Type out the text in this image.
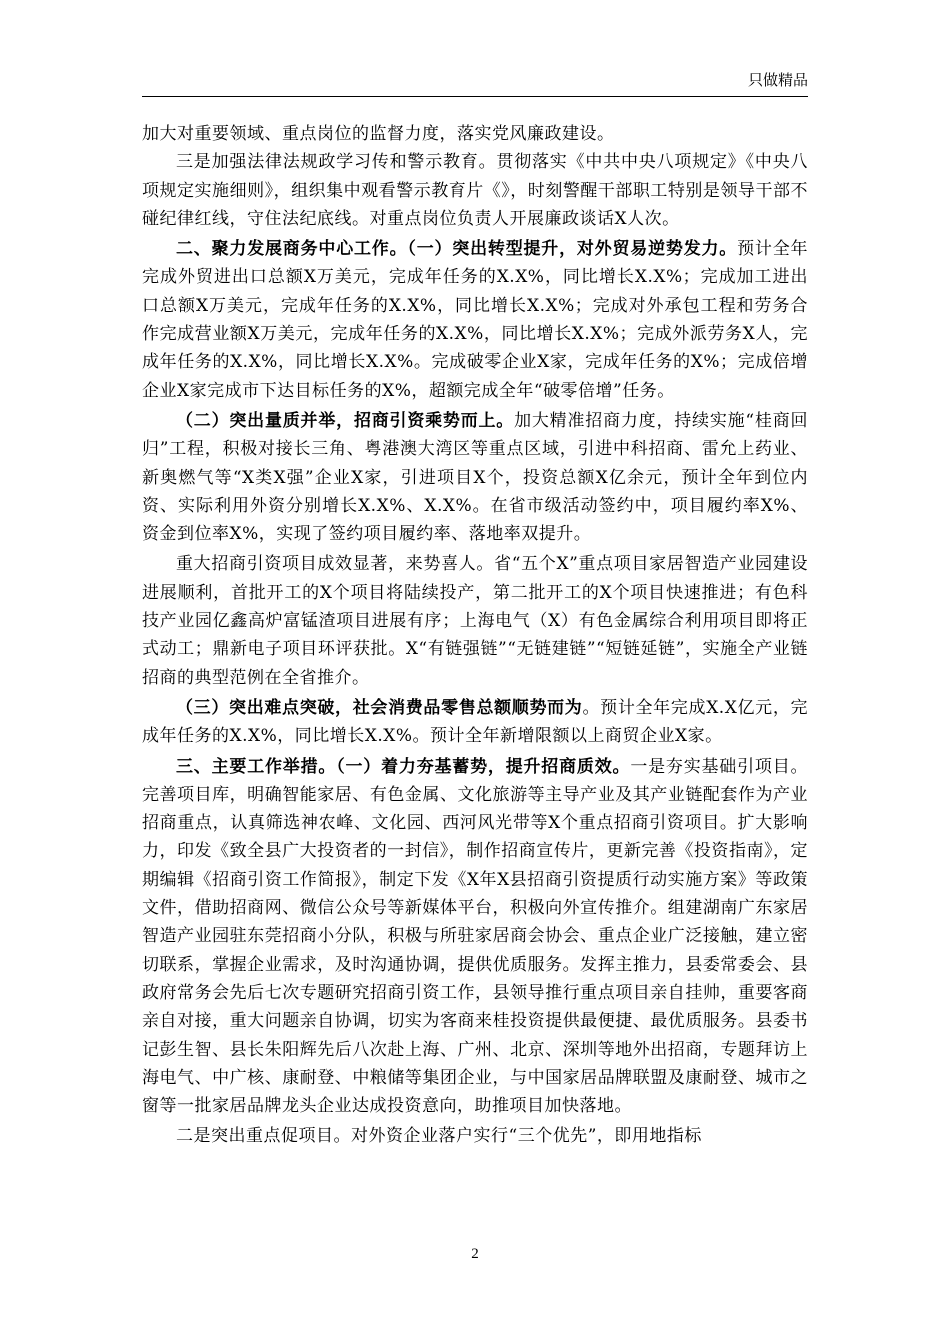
只做精品

加大对重要领域、重点岗位的监督力度，落实党风廉政建设。

三是加强法律法规政学习传和警示教育。贯彻落实《中共中央八项规定》《中央八项规定实施细则》，组织集中观看警示教育片《》，时刻警醒干部职工特别是领导干部不碰纪律红线，守住法纪底线。对重点岗位负责人开展廉政谈话X人次。

二、聚力发展商务中心工作。（一）突出转型提升，对外贸易逆势发力。预计全年完成外贸进出口总额X万美元，完成年任务的X.X%，同比增长X.X%；完成加工进出口总额X万美元，完成年任务的X.X%，同比增长X.X%；完成对外承包工程和劳务合作完成营业额X万美元，完成年任务的X.X%，同比增长X.X%；完成外派劳务X人，完成年任务的X.X%，同比增长X.X%。完成破零企业X家，完成年任务的X%；完成倍增企业X家完成市下达目标任务的X%，超额完成全年“破零倍增”任务。

（二）突出量质并举，招商引资乘势而上。加大精准招商力度，持续实施“桂商回归”工程，积极对接长三角、粤港澳大湾区等重点区域，引进中科招商、雷允上药业、新奥燃气等“X类X强”企业X家，引进项目X个，投资总额X亿余元，预计全年到位内资、实际利用外资分别增长X.X%、X.X%。在省市级活动签约中，项目履约率X%、资金到位率X%，实现了签约项目履约率、落地率双提升。

重大招商引资项目成效显著，来势喜人。省“五个X”重点项目家居智造产业园建设进展顺利，首批开工的X个项目将陆续投产，第二批开工的X个项目快速推进；有色科技产业园亿鑫高炉富锰渣项目进展有序；上海电气（X）有色金属综合利用项目即将正式动工；鼎新电子项目环评获批。X“有链强链”“无链建链”“短链延链”，实施全产业链招商的典型范例在全省推介。

（三）突出难点突破，社会消费品零售总额顺势而为。预计全年完成X.X亿元，完成年任务的X.X%，同比增长X.X%。预计全年新增限额以上商贸企业X家。

三、主要工作举措。（一）着力夯基蓄势，提升招商质效。一是夯实基础引项目。完善项目库，明确智能家居、有色金属、文化旅游等主导产业及其产业链配套作为产业招商重点，认真筛选神农峰、文化园、西河风光带等X个重点招商引资项目。扩大影响力，印发《致全县广大投资者的一封信》，制作招商宣传片，更新完善《投资指南》，定期编辑《招商引资工作简报》，制定下发《X年X县招商引资提质行动实施方案》等政策文件，借助招商网、微信公众号等新媒体平台，积极向外宣传推介。组建湖南广东家居智造产业园驻东莞招商小分队，积极与所驻家居商会协会、重点企业广泛接触，建立密切联系，掌握企业需求，及时沟通协调，提供优质服务。发挥主推力，县委常委会、县政府常务会先后七次专题研究招商引资工作，县领导推行重点项目亲自挂帅，重要客商亲自对接，重大问题亲自协调，切实为客商来桂投资提供最便捷、最优质服务。县委书记彭生智、县长朱阳辉先后八次赴上海、广州、北京、深圳等地外出招商，专题拜访上海电气、中广核、康耐登、中粮储等集团企业，与中国家居品牌联盟及康耐登、城市之窗等一批家居品牌龙头企业达成投资意向，助推项目加快落地。

二是突出重点促项目。对外资企业落户实行“三个优先”，即用地指标

2
